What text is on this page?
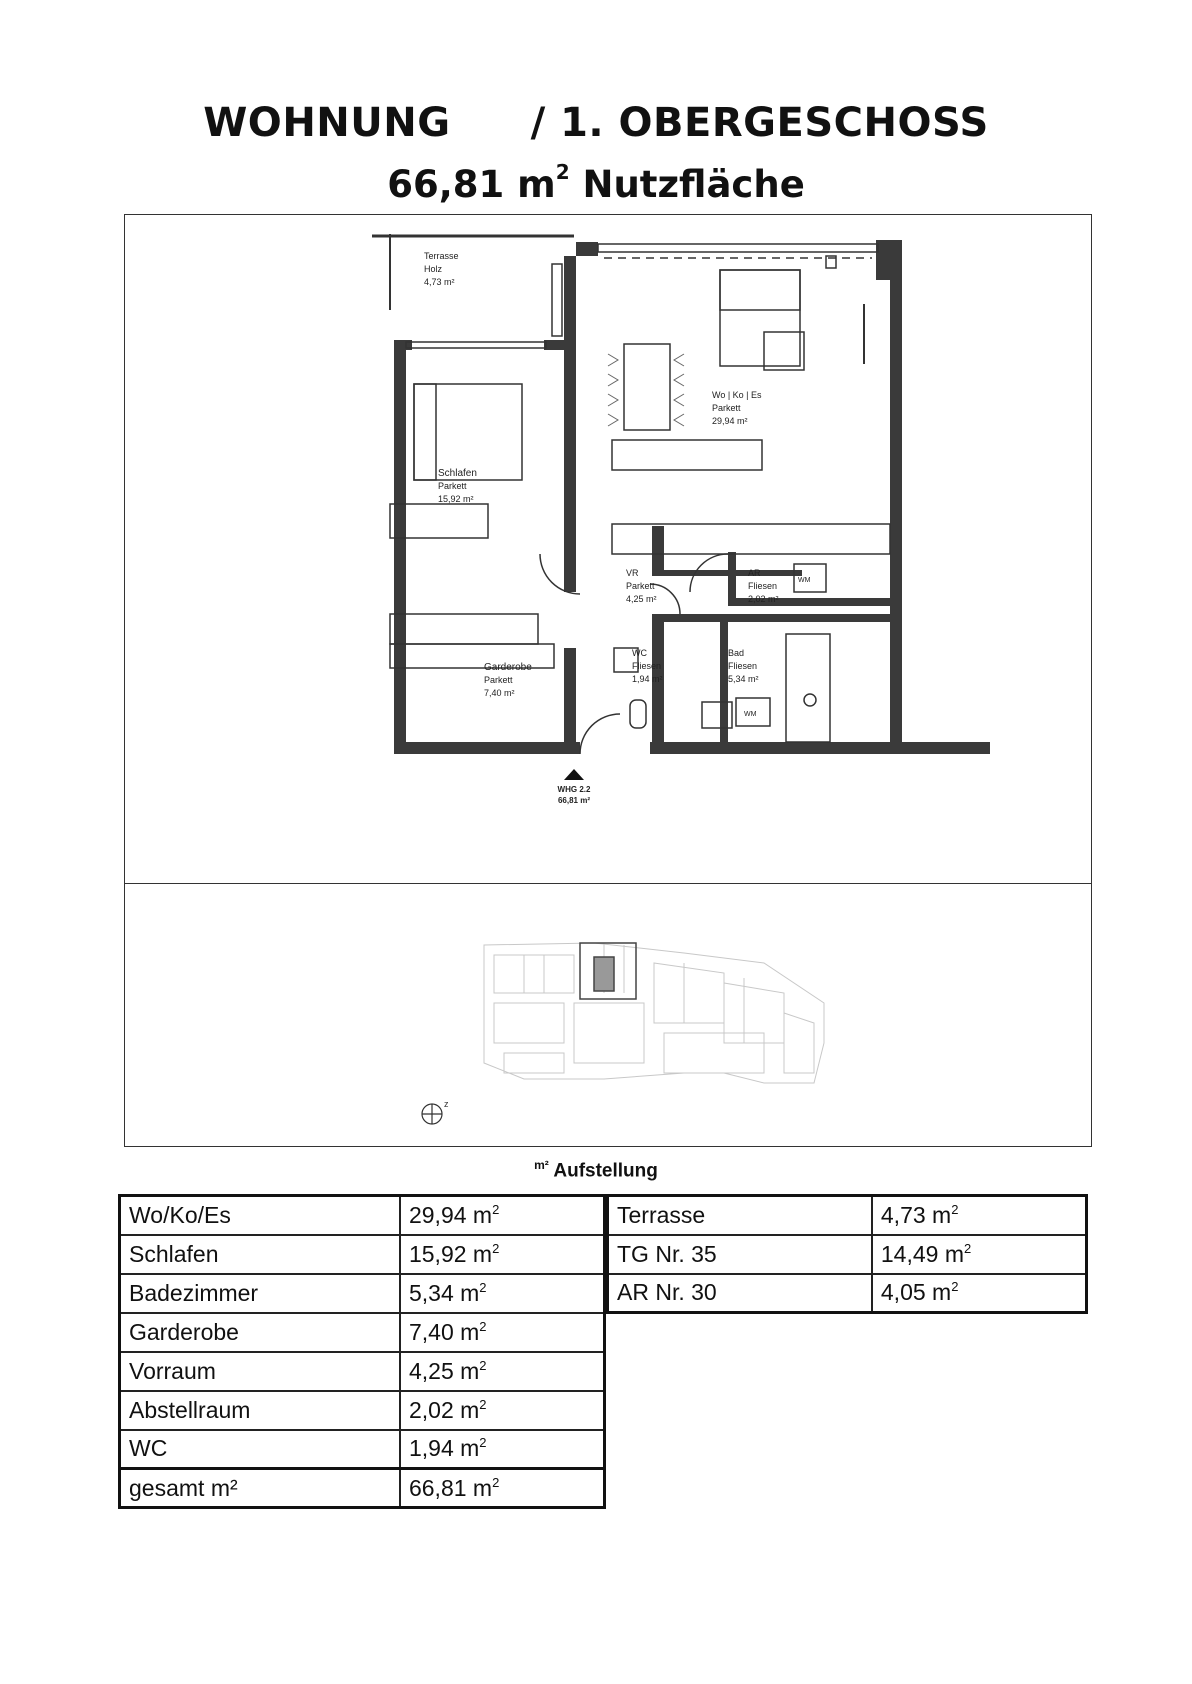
WOHNUNG / 1. OBERGESCHOSS
66,81 $m^2$ Nutzfläche
Terrasse
Holz
4,73 m²
Wo | Ko | Es
Parkett
29,94 m²
Schlafen
Parkett
15,92 m²
VR
Parkett
4,25 m²
AR
Fliesen
2,02 m²
WC
Fliesen
1,94 m²
Bad
Fliesen
5,34 m²
Garderobe
Parkett
7,40 m²
WM
WM
WHG 2.2
66,81 m²
z
$^{m^2}$ Aufstellung
Wo/Ko/Es	29,94 $m^2$
Schlafen	15,92 $m^2$
Badezimmer	5,34 $m^2$
Garderobe	7,40 $m^2$
Vorraum	4,25 $m^2$
Abstellraum	2,02 $m^2$
WC	1,94 $m^2$
gesamt m²	66,81 $m^2$
Terrasse	4,73 $m^2$
TG Nr. 35	14,49 $m^2$
AR Nr. 30	4,05 $m^2$
